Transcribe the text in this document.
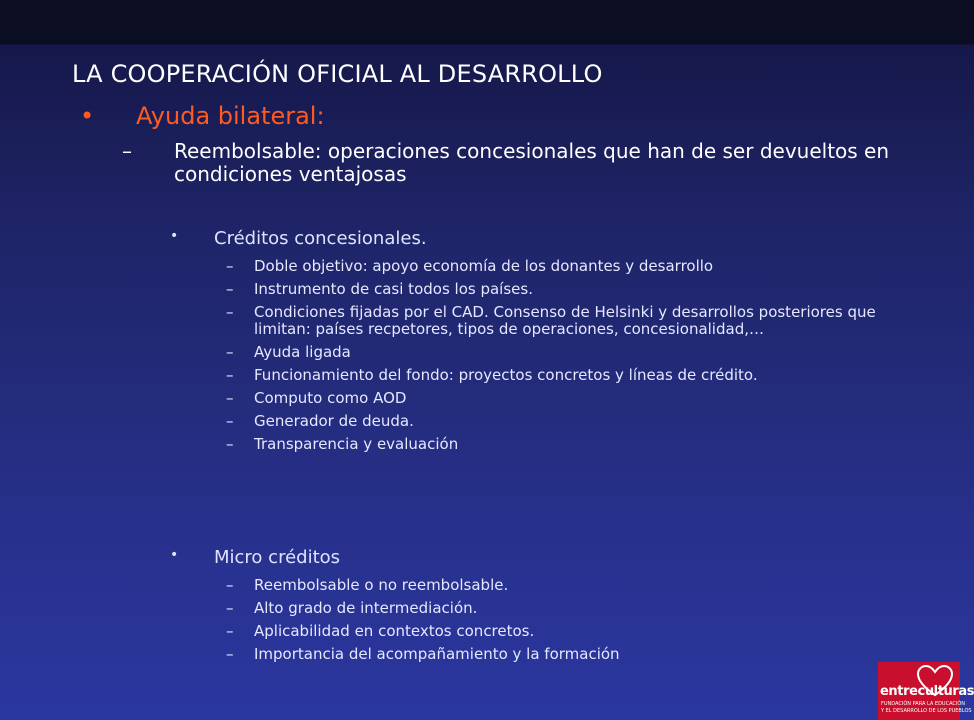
LA COOPERACIÓN OFICIAL AL DESARROLLO
• Ayuda bilateral:
– Reembolsable: operaciones concesionales que han de ser devueltos en condiciones ventajosas
• Créditos concesionales.
– Doble objetivo: apoyo economía de los donantes y desarrollo
– Instrumento de casi todos los países.
– Condiciones fijadas por el CAD. Consenso de Helsinki y desarrollos posteriores que limitan: países recpetores, tipos de operaciones, concesionalidad,…
– Ayuda ligada
– Funcionamiento del fondo: proyectos concretos y líneas de crédito.
– Computo como AOD
– Generador de deuda.
– Transparencia y evaluación
• Micro créditos
– Reembolsable o no reembolsable.
– Alto grado de intermediación.
– Aplicabilidad en contextos concretos.
– Importancia del acompañamiento y la formación
entreculturas
FUNDACIÓN PARA LA EDUCACIÓN
Y EL DESARROLLO DE LOS PUEBLOS
